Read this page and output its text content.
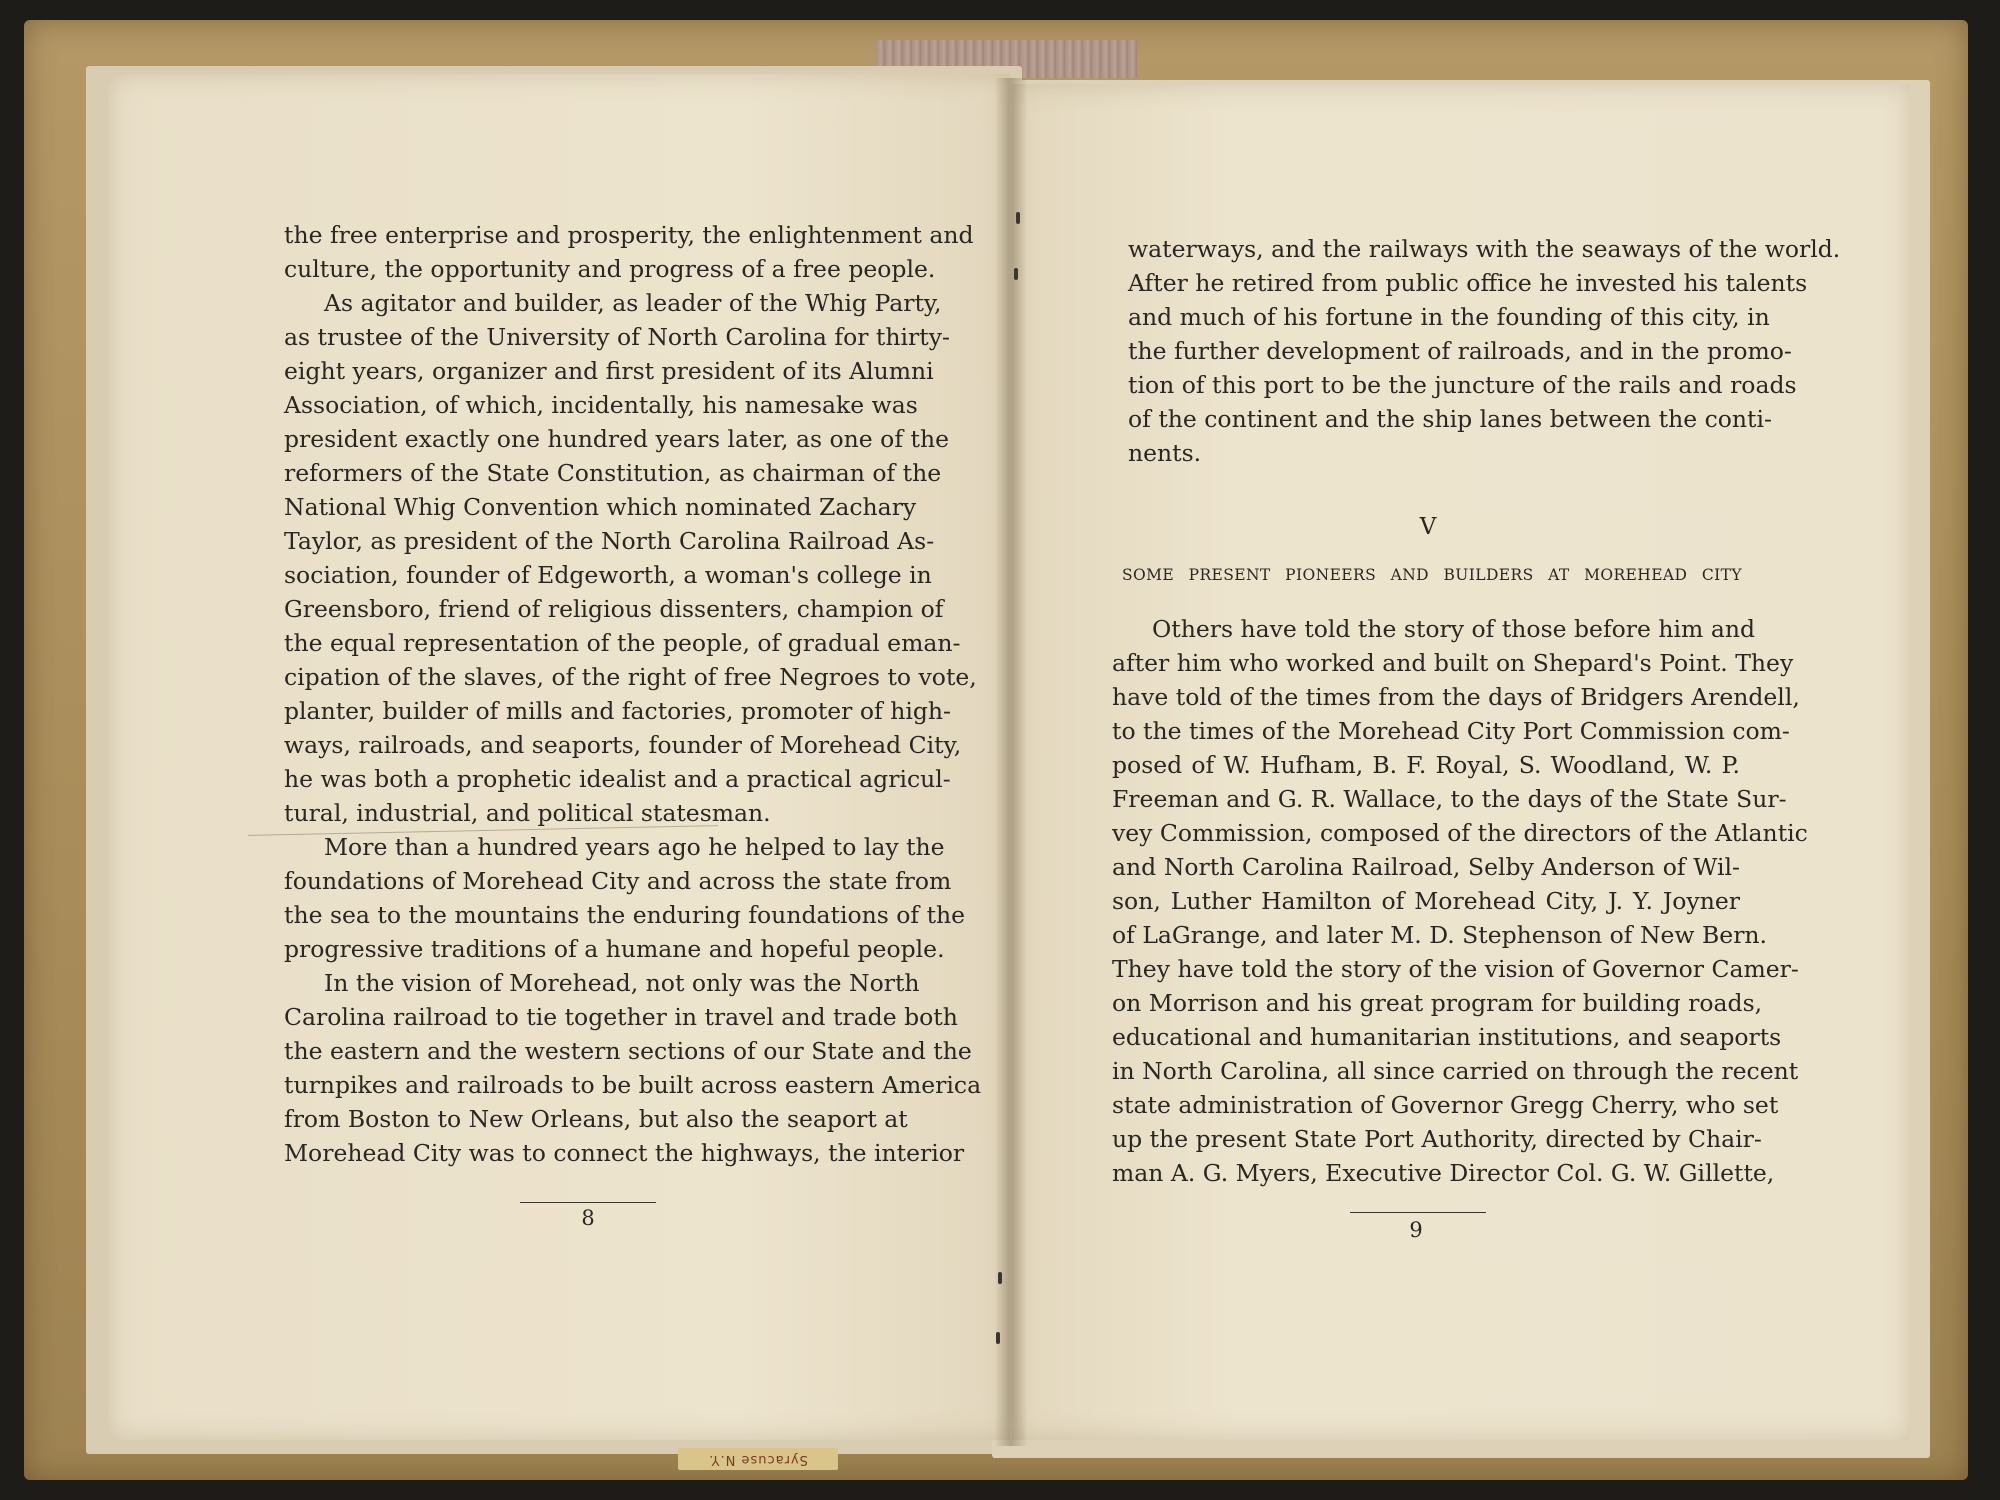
the free enterprise and prosperity, the enlightenment and
culture, the opportunity and progress of a free people.
As agitator and builder, as leader of the Whig Party,
as trustee of the University of North Carolina for thirty-
eight years, organizer and first president of its Alumni
Association, of which, incidentally, his namesake was
president exactly one hundred years later, as one of the
reformers of the State Constitution, as chairman of the
National Whig Convention which nominated Zachary
Taylor, as president of the North Carolina Railroad As-
sociation, founder of Edgeworth, a woman's college in
Greensboro, friend of religious dissenters, champion of
the equal representation of the people, of gradual eman-
cipation of the slaves, of the right of free Negroes to vote,
planter, builder of mills and factories, promoter of high-
ways, railroads, and seaports, founder of Morehead City,
he was both a prophetic idealist and a practical agricul-
tural, industrial, and political statesman.
More than a hundred years ago he helped to lay the
foundations of Morehead City and across the state from
the sea to the mountains the enduring foundations of the
progressive traditions of a humane and hopeful people.
In the vision of Morehead, not only was the North
Carolina railroad to tie together in travel and trade both
the eastern and the western sections of our State and the
turnpikes and railroads to be built across eastern America
from Boston to New Orleans, but also the seaport at
Morehead City was to connect the highways, the interior
waterways, and the railways with the seaways of the world.
After he retired from public office he invested his talents
and much of his fortune in the founding of this city, in
the further development of railroads, and in the promo-
tion of this port to be the juncture of the rails and roads
of the continent and the ship lanes between the conti-
nents.
V
SOME PRESENT PIONEERS AND BUILDERS AT MOREHEAD CITY
Others have told the story of those before him and
after him who worked and built on Shepard's Point. They
have told of the times from the days of Bridgers Arendell,
to the times of the Morehead City Port Commission com-
posed of W. Hufham, B. F. Royal, S. Woodland, W. P.
Freeman and G. R. Wallace, to the days of the State Sur-
vey Commission, composed of the directors of the Atlantic
and North Carolina Railroad, Selby Anderson of Wil-
son, Luther Hamilton of Morehead City, J. Y. Joyner
of LaGrange, and later M. D. Stephenson of New Bern.
They have told the story of the vision of Governor Camer-
on Morrison and his great program for building roads,
educational and humanitarian institutions, and seaports
in North Carolina, all since carried on through the recent
state administration of Governor Gregg Cherry, who set
up the present State Port Authority, directed by Chair-
man A. G. Myers, Executive Director Col. G. W. Gillette,
8	9
Syracuse N.Y.
